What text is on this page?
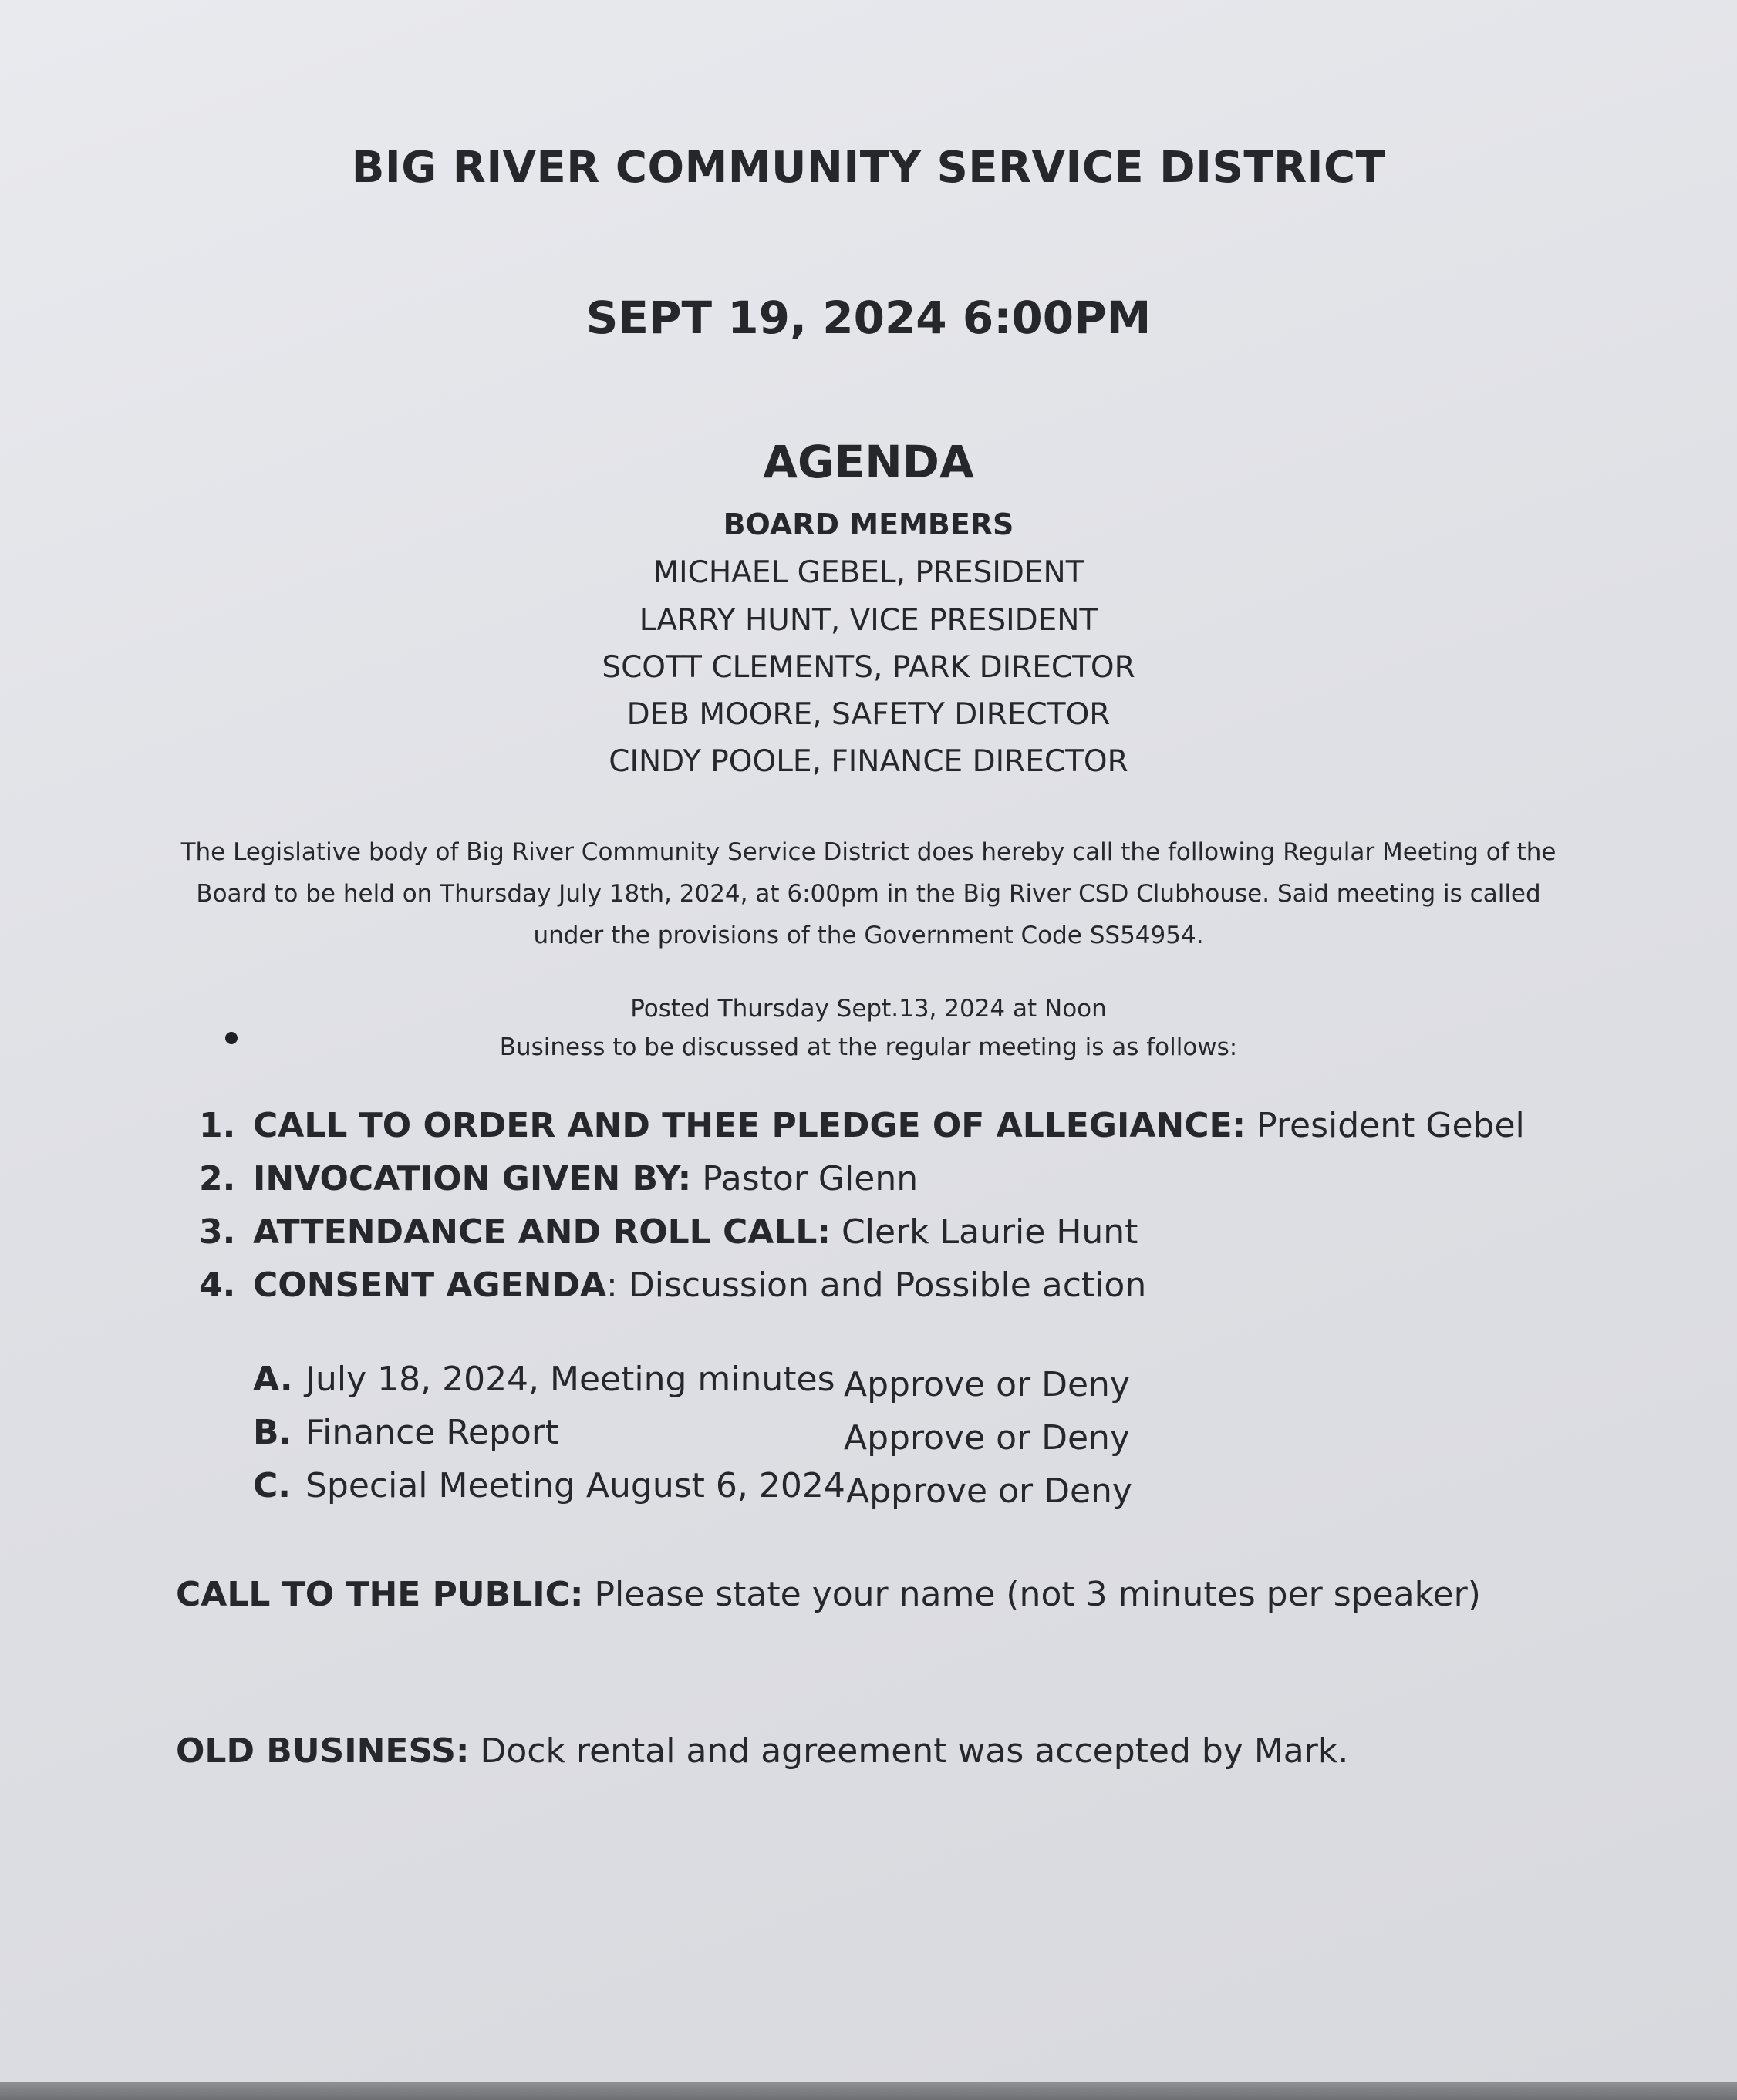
BIG RIVER COMMUNITY SERVICE DISTRICT
SEPT 19, 2024 6:00PM
AGENDA
BOARD MEMBERS
MICHAEL GEBEL, PRESIDENT
LARRY HUNT, VICE PRESIDENT
SCOTT CLEMENTS, PARK DIRECTOR
DEB MOORE, SAFETY DIRECTOR
CINDY POOLE, FINANCE DIRECTOR
The Legislative body of Big River Community Service District does hereby call the following Regular Meeting of the
Board to be held on Thursday July 18th, 2024, at 6:00pm in the Big River CSD Clubhouse. Said meeting is called
under the provisions of the Government Code SS54954.
Posted Thursday Sept.13, 2024 at Noon
Business to be discussed at the regular meeting is as follows:
1. CALL TO ORDER AND THEE PLEDGE OF ALLEGIANCE: President Gebel
2. INVOCATION GIVEN BY: Pastor Glenn
3. ATTENDANCE AND ROLL CALL: Clerk Laurie Hunt
4. CONSENT AGENDA: Discussion and Possible action
A. July 18, 2024, Meeting minutes Approve or Deny
B. Finance Report	Approve or Deny
C. Special Meeting August 6, 2024 Approve or Deny
CALL TO THE PUBLIC: Please state your name (not 3 minutes per speaker)
OLD BUSINESS: Dock rental and agreement was accepted by Mark.
